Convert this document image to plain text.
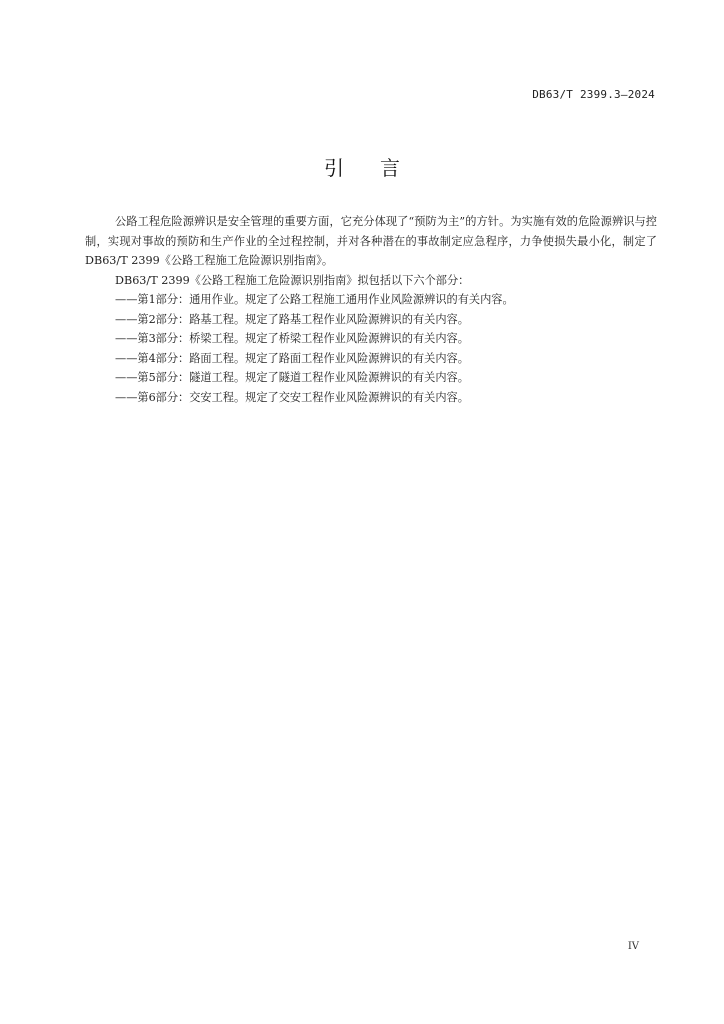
DB63/T 2399.3—2024
引言

公路工程危险源辨识是安全管理的重要方面，它充分体现了“预防为主”的方针。为实施有效的危险源辨识与控制，实现对事故的预防和生产作业的全过程控制，并对各种潜在的事故制定应急程序，力争使损失最小化，制定了DB63/T 2399《公路工程施工危险源识别指南》。

DB63/T 2399《公路工程施工危险源识别指南》拟包括以下六个部分：

——第1部分：通用作业。规定了公路工程施工通用作业风险源辨识的有关内容。

——第2部分：路基工程。规定了路基工程作业风险源辨识的有关内容。

——第3部分：桥梁工程。规定了桥梁工程作业风险源辨识的有关内容。

——第4部分：路面工程。规定了路面工程作业风险源辨识的有关内容。

——第5部分：隧道工程。规定了隧道工程作业风险源辨识的有关内容。

——第6部分：交安工程。规定了交安工程作业风险源辨识的有关内容。

IV
